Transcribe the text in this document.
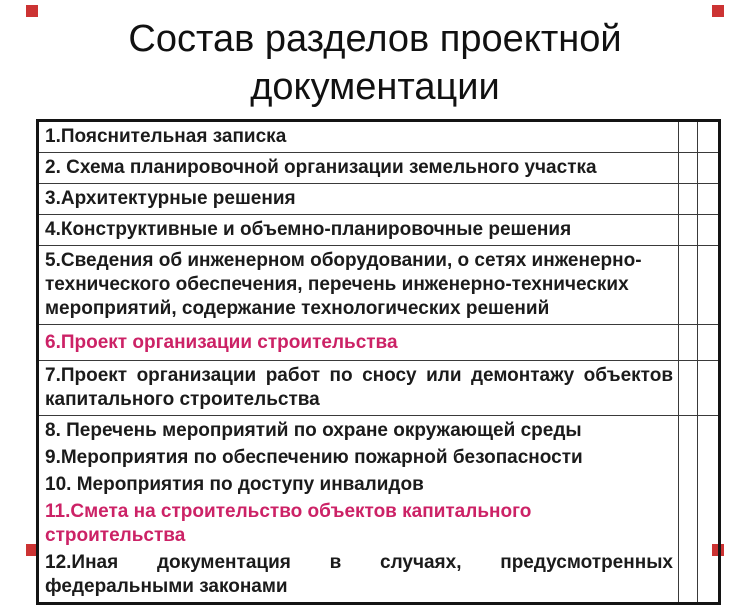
Состав разделов проектной документации

1.Пояснительная записка		

2. Схема планировочной организации земельного участка		

3.Архитектурные решения		

4.Конструктивные и объемно-планировочные решения		

5.Сведения об инженерном оборудовании, о сетях инженерно-технического обеспечения, перечень инженерно-технических мероприятий, содержание технологических решений		

6.Проект организации строительства		

7.Проект организации работ по сносу или демонтажу объектов капитального строительства		

8. Перечень мероприятий по охране окружающей среды

9.Мероприятия по обеспечению пожарной безопасности

10. Мероприятия по доступу инвалидов

11.Смета на строительство объектов капитального строительства

12.Иная документация в случаях, предусмотренных федеральными законами		
